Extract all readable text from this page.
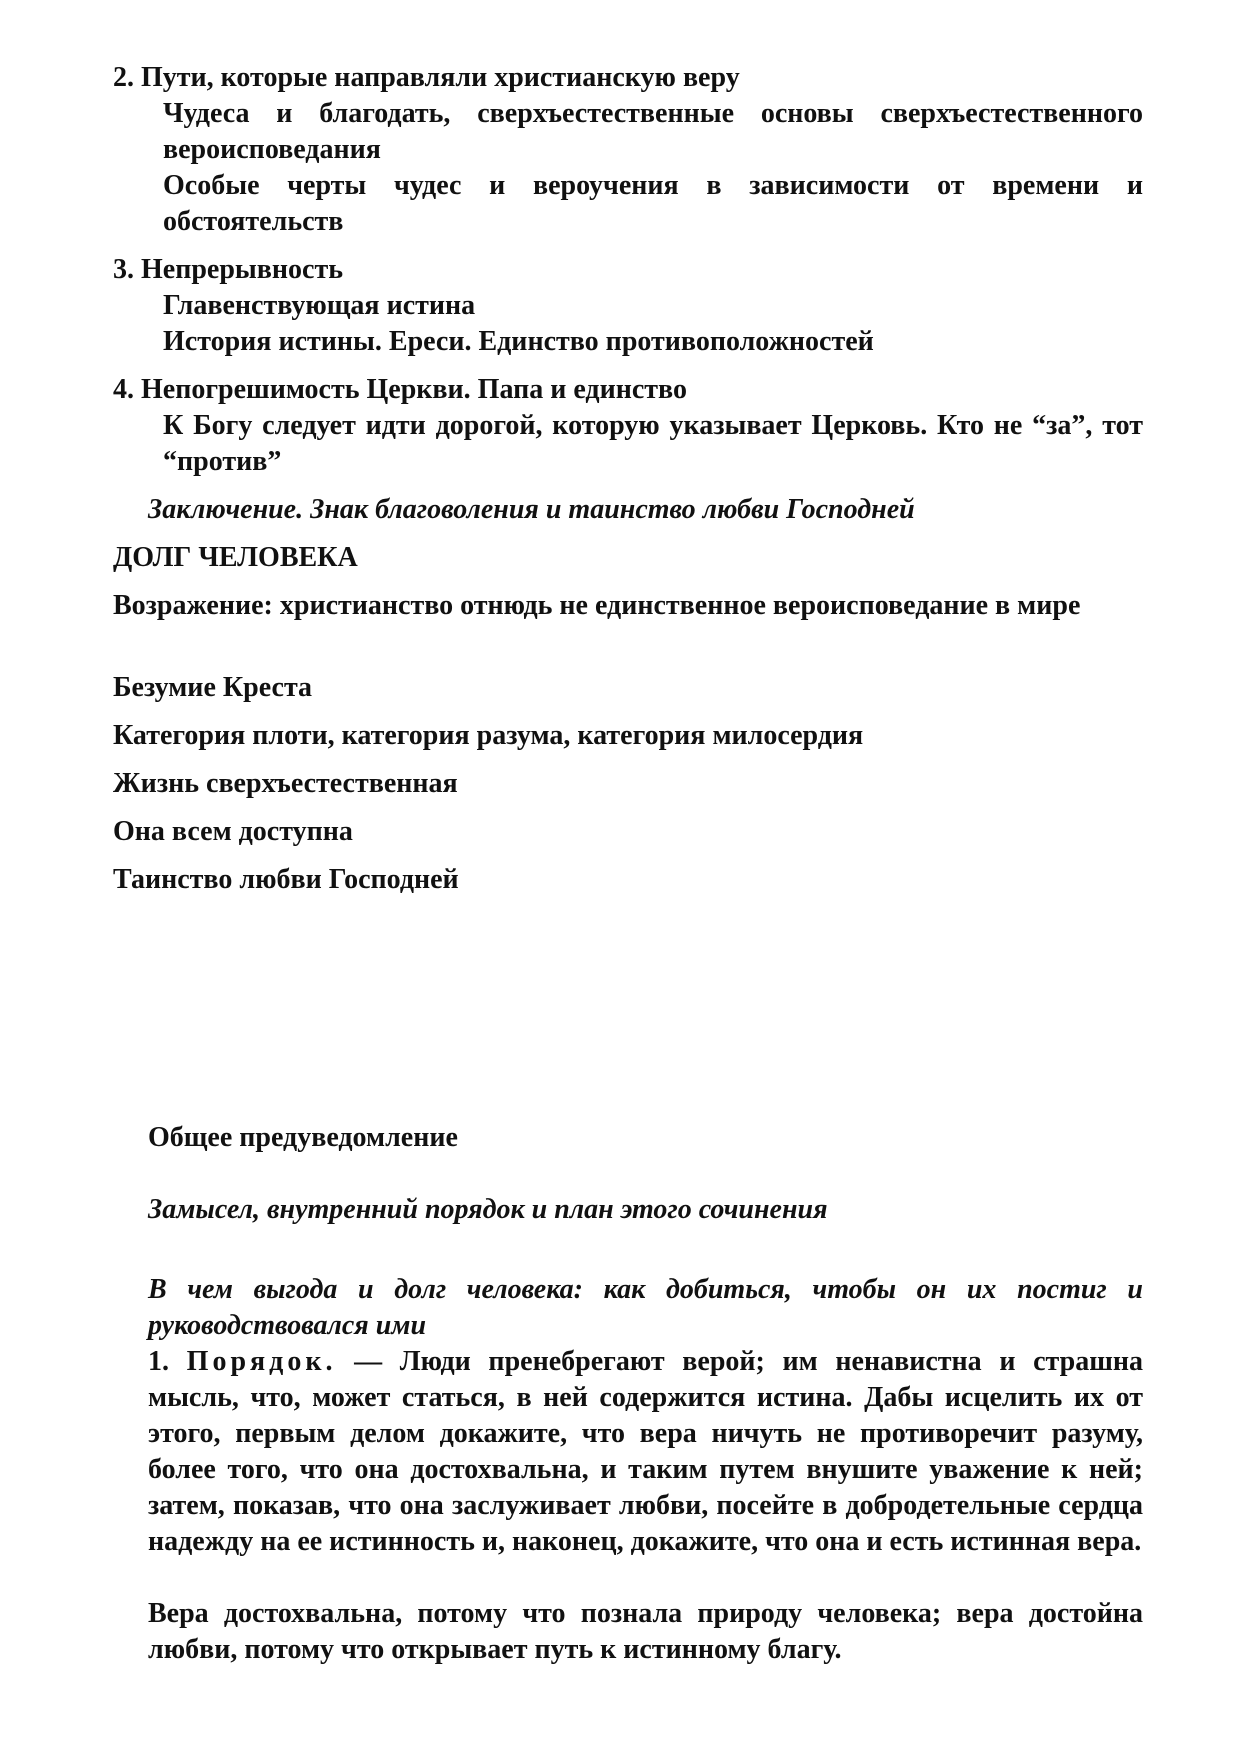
2. Пути, которые направляли христианскую веру

Чудеса и благодать, сверхъестественные основы сверхъестественного вероисповедания

Особые черты чудес и вероучения в зависимости от времени и обстоятельств

3. Непрерывность

Главенствующая истина

История истины. Ереси. Единство противоположностей

4. Непогрешимость Церкви. Папа и единство

К Богу следует идти дорогой, которую указывает Церковь. Кто не “за”, тот “против”

Заключение. Знак благоволения и таинство любви Господней

ДОЛГ ЧЕЛОВЕКА

Возражение: христианство отнюдь не единственное вероисповедание в мире

Безумие Креста

Категория плоти, категория разума, категория милосердия

Жизнь сверхъестественная

Она всем доступна

Таинство любви Господней

Общее предуведомление

Замысел, внутренний порядок и план этого сочинения

В чем выгода и долг человека: как добиться, чтобы он их постиг и руководствовался ими

1. Порядок. — Люди пренебрегают верой; им ненавистна и страшна мысль, что, может статься, в ней содержится истина. Дабы исцелить их от этого, первым делом докажите, что вера ничуть не противоречит разуму, более того, что она достохвальна, и таким путем внушите уважение к ней; затем, показав, что она заслуживает любви, посейте в добродетельные сердца надежду на ее истинность и, наконец, докажите, что она и есть истинная вера.

Вера достохвальна, потому что познала природу человека; вера достойна любви, потому что открывает путь к истинному благу.
